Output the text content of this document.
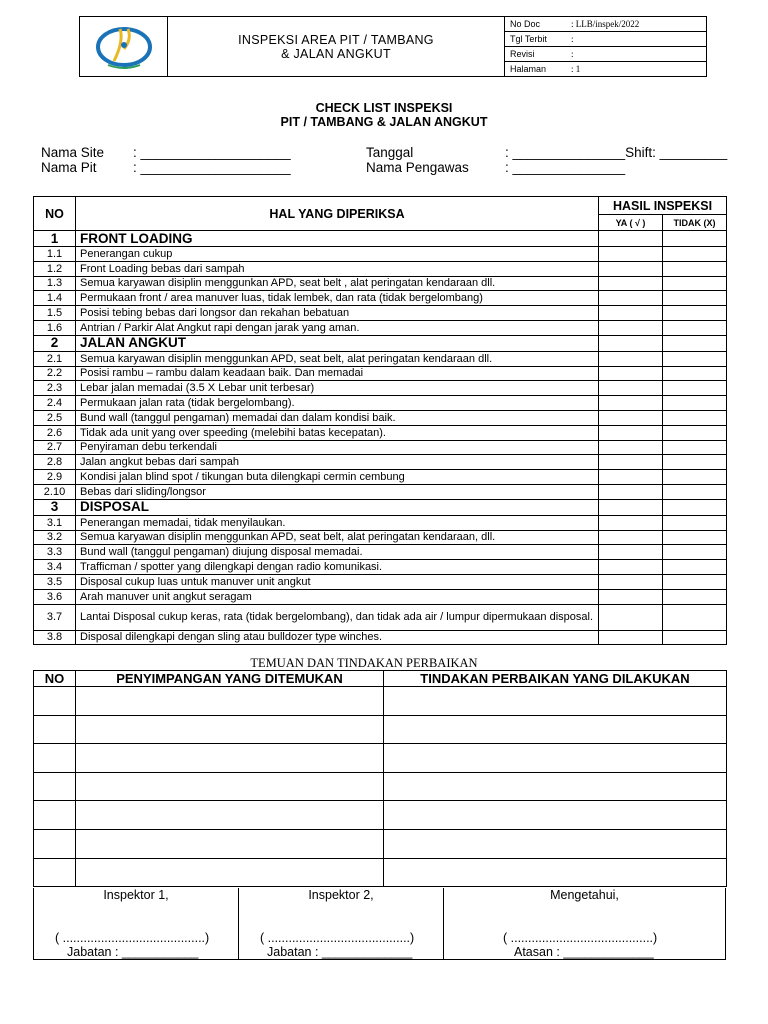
INSPEKSI AREA PIT / TAMBANG
& JALAN ANGKUT
No Doc	: LLB/inspek/2022
Tgl Terbit	:
Revisi	:
Halaman	: 1
CHECK LIST INSPEKSI
PIT / TAMBANG & JALAN ANGKUT
Nama Site : ____________________
Nama Pit	: ____________________
Tanggal	: _______________Shift: _________
Nama Pengawas	: _______________
NO	HAL YANG DIPERIKSA	HASIL INSPEKSI	
		YA ( √ )	TIDAK (X)
1	FRONT LOADING		
1.1	Penerangan cukup		
1.2	Front Loading bebas dari sampah		
1.3	Semua karyawan disiplin menggunkan APD, seat belt , alat peringatan kendaraan dll.		
1.4	Permukaan front / area manuver luas, tidak lembek, dan rata (tidak bergelombang)		
1.5	Posisi tebing bebas dari longsor dan rekahan bebatuan		
1.6	Antrian / Parkir Alat Angkut rapi dengan jarak yang aman.		
2	JALAN ANGKUT		
2.1	Semua karyawan disiplin menggunkan APD, seat belt, alat peringatan kendaraan dll.		
2.2	Posisi rambu – rambu dalam keadaan baik. Dan memadai		
2.3	Lebar jalan memadai (3.5 X Lebar unit terbesar)		
2.4	Permukaan jalan rata (tidak bergelombang).		
2.5	Bund wall (tanggul pengaman) memadai dan dalam kondisi baik.		
2.6	Tidak ada unit yang over speeding (melebihi batas kecepatan).		
2.7	Penyiraman debu terkendali		
2.8	Jalan angkut bebas dari sampah		
2.9	Kondisi jalan blind spot / tikungan buta dilengkapi cermin cembung		
2.10	Bebas dari sliding/longsor		
3	DISPOSAL		
3.1	Penerangan memadai, tidak menyilaukan.		
3.2	Semua karyawan disiplin menggunkan APD, seat belt, alat peringatan kendaraan, dll.		
3.3	Bund wall (tanggul pengaman) diujung disposal memadai.		
3.4	Trafficman / spotter yang dilengkapi dengan radio komunikasi.		
3.5	Disposal cukup luas untuk manuver unit angkut		
3.6	Arah manuver unit angkut seragam		
3.7	Lantai Disposal cukup keras, rata (tidak bergelombang), dan tidak ada air / lumpur dipermukaan disposal.		
3.8	Disposal dilengkapi dengan sling atau bulldozer type winches.		
TEMUAN DAN TINDAKAN PERBAIKAN
NO	PENYIMPANGAN YANG DITEMUKAN	TINDAKAN PERBAIKAN YANG DILAKUKAN

Inspektor 1,
( .........................................)
Jabatan : ___________
Inspektor 2,
( .........................................)
Jabatan : _____________
Mengetahui,
( .........................................)
Atasan : _____________
